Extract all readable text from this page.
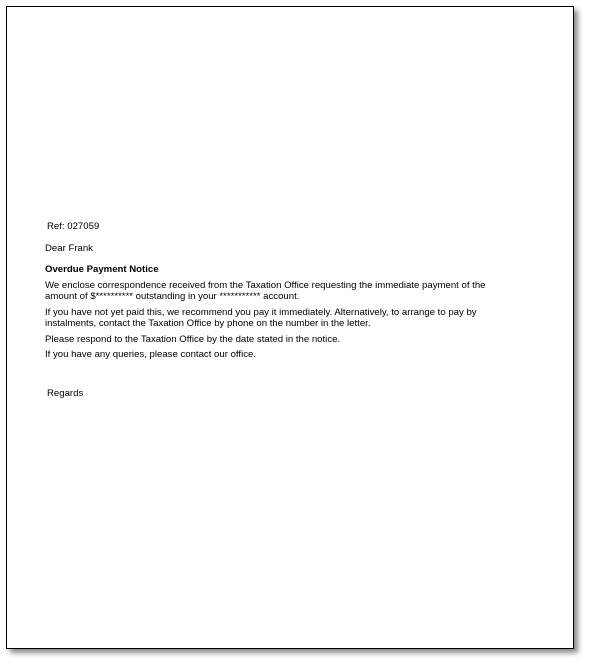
Ref: 027059
Dear Frank
Overdue Payment Notice
We enclose correspondence received from the Taxation Office requesting the immediate payment of the amount of $********** outstanding in your *********** account.
If you have not yet paid this, we recommend you pay it immediately. Alternatively, to arrange to pay by instalments, contact the Taxation Office by phone on the number in the letter.
Please respond to the Taxation Office by the date stated in the notice.
If you have any queries, please contact our office.
Regards
